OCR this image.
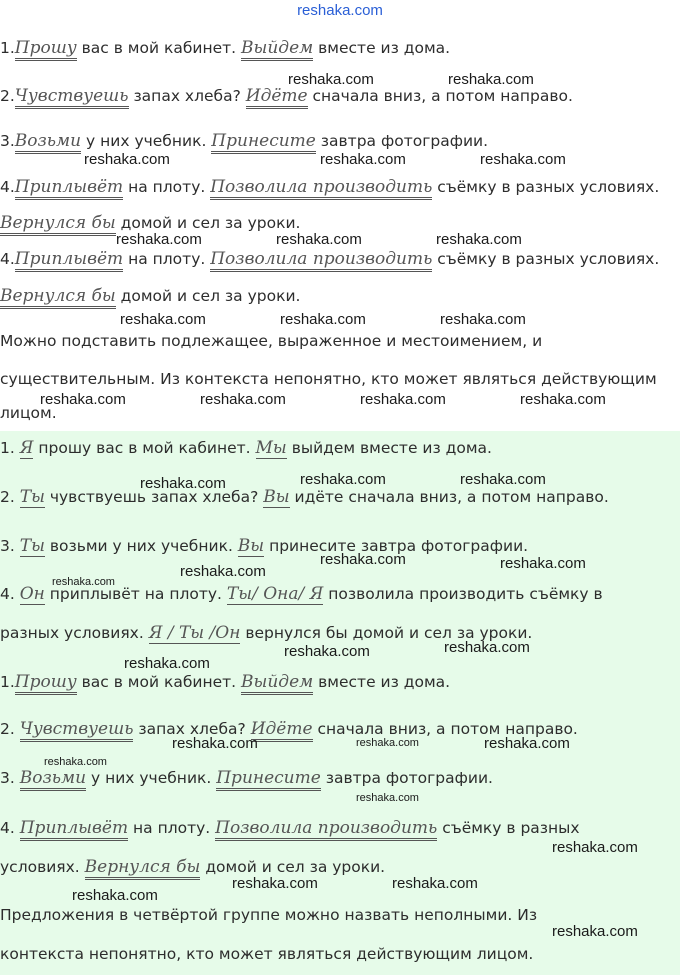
reshaka.com
1.Прошу вас в мой кабинет. Выйдем вместе из дома.
2.Чувствуешь запах хлеба? Идёте сначала вниз, а потом направо.
3.Возьми у них учебник. Принесите завтра фотографии.
4.Приплывёт на плоту. Позволила производить съёмку в разных условиях.
Вернулся бы домой и сел за уроки.
4.Приплывёт на плоту. Позволила производить съёмку в разных условиях.
Вернулся бы домой и сел за уроки.
Можно подставить подлежащее, выраженное и местоимением, и
существительным. Из контекста непонятно, кто может являться действующим
лицом.
1. Я прошу вас в мой кабинет. Мы выйдем вместе из дома.
2. Ты чувствуешь запах хлеба? Вы идёте сначала вниз, а потом направо.
3. Ты возьми у них учебник. Вы принесите завтра фотографии.
4. Он приплывёт на плоту. Ты/ Она/ Я позволила производить съёмку в
разных условиях. Я / Ты /Он вернулся бы домой и сел за уроки.
1.Прошу вас в мой кабинет. Выйдем вместе из дома.
2. Чувствуешь запах хлеба? Идёте сначала вниз, а потом направо.
3. Возьми у них учебник. Принесите завтра фотографии.
4. Приплывёт на плоту. Позволила производить съёмку в разных
условиях. Вернулся бы домой и сел за уроки.
Предложения в четвёртой группе можно назвать неполными. Из
контекста непонятно, кто может являться действующим лицом.
reshaka.com	reshaka.com
reshaka.com	reshaka.com	reshaka.com
reshaka.com	reshaka.com	reshaka.com
reshaka.com	reshaka.com	reshaka.com
reshaka.com	reshaka.com	reshaka.com	reshaka.com
reshaka.com	reshaka.com
reshaka.com
reshaka.com	reshaka.com
reshaka.com
reshaka.com
reshaka.com
reshaka.com
reshaka.com
reshaka.com	reshaka.com
reshaka.com
reshaka.com
reshaka.com
reshaka.com
reshaka.com	reshaka.com
reshaka.com
reshaka.com
